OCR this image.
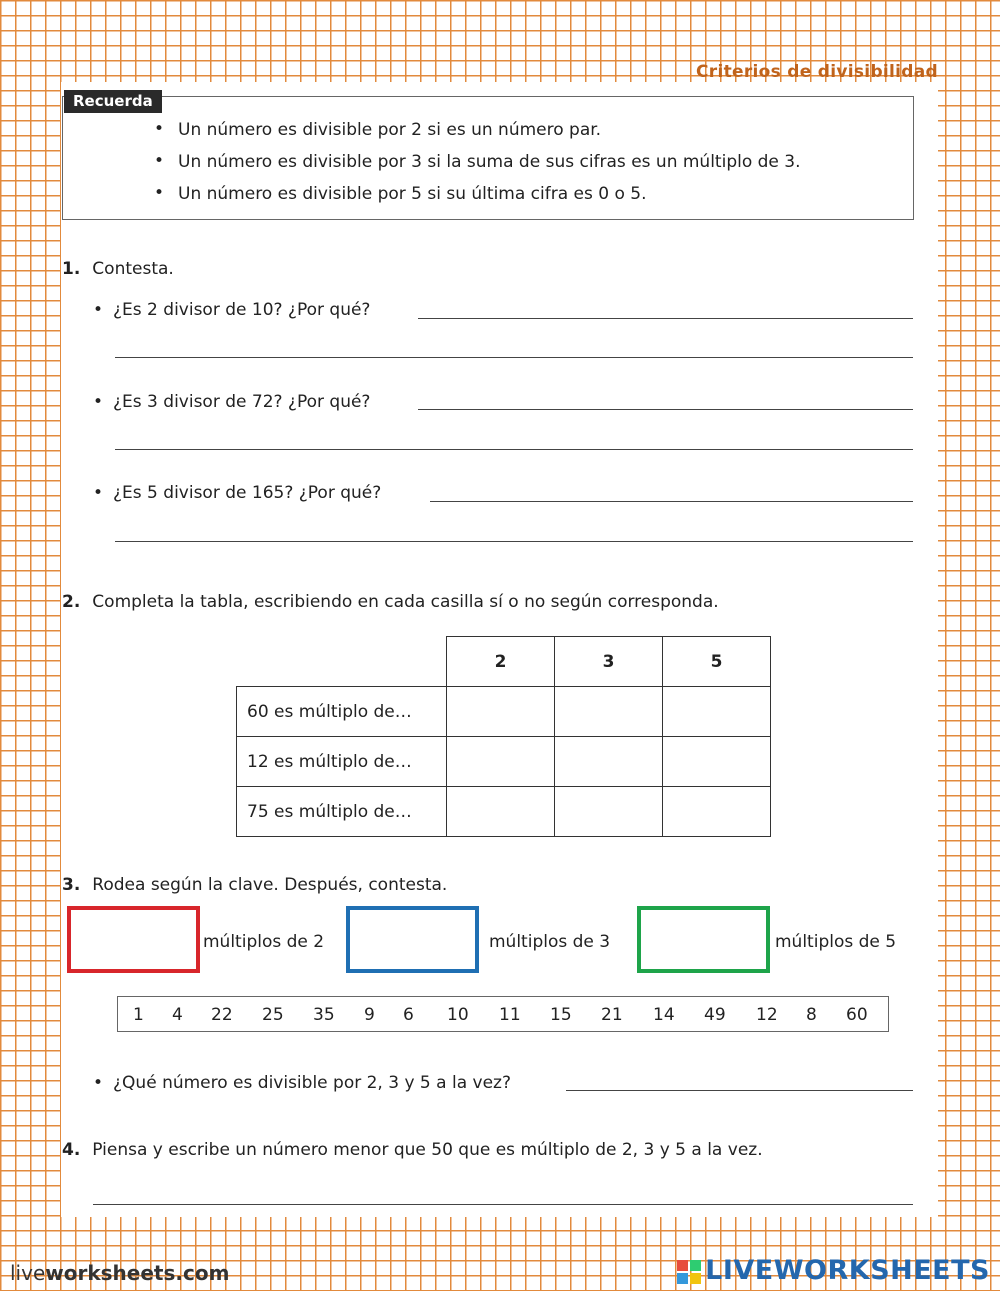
Criterios de divisibilidad
Recuerda
• Un número es divisible por 2 si es un número par.
• Un número es divisible por 3 si la suma de sus cifras es un múltiplo de 3.
• Un número es divisible por 5 si su última cifra es 0 o 5.
1. Contesta.
• ¿Es 2 divisor de 10? ¿Por qué?
• ¿Es 3 divisor de 72? ¿Por qué?
• ¿Es 5 divisor de 165? ¿Por qué?
2. Completa la tabla, escribiendo en cada casilla sí o no según corresponda.
	2	3	5
60 es múltiplo de…			
12 es múltiplo de…			
75 es múltiplo de…			
3. Rodea según la clave. Después, contesta.
múltiplos de 2	múltiplos de 3	múltiplos de 5
1 4 22 25 35 9 6 10 11 15 21 14 49 12 8 60
• ¿Qué número es divisible por 2, 3 y 5 a la vez?
4. Piensa y escribe un número menor que 50 que es múltiplo de 2, 3 y 5 a la vez.
liveworksheets.com	LIVEWORKSHEETS
